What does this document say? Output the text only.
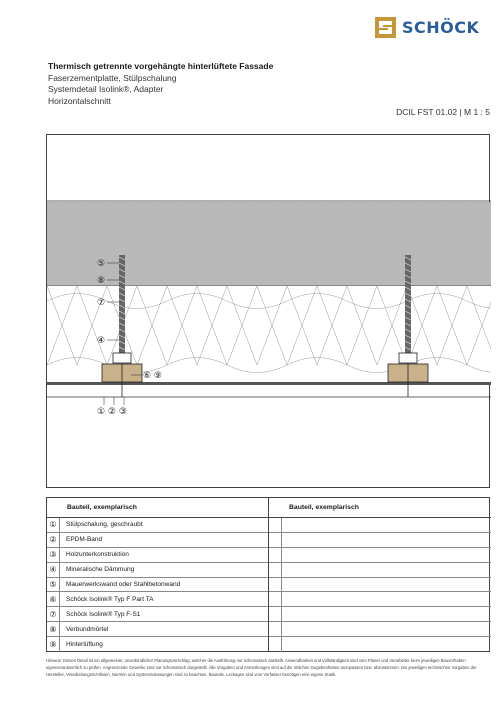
SCHÖCK
Thermisch getrennte vorgehängte hinterlüftete Fassade
Faserzementplatte, Stülpschalung
Systemdetail Isolink®, Adapter
Horizontalschnitt
DCIL FST 01.02 | M 1 : 5
⑤
⑧
⑦
④
⑥ ⑨
① ② ③
Bauteil, exemplarisch
①	Stülpschalung, geschraubt
②	EPDM-Band
③	Holzunterkonstruktion
④	Mineralische Dämmung
⑤	Mauerwerkswand oder Stahlbetonwand
⑥	Schöck Isolink® Typ F Part TA
⑦	Schöck Isolink® Typ F-S1
⑧	Verbundmörtel
⑨	Hinterlüftung
Bauteil, exemplarisch
Hinweis: Dieses Detail ist ein allgemeiner, unverbindlicher Planungsvorschlag, welcher die Ausführung nur schematisch darstellt. Anwendbarkeit und Vollständigkeit sind vom Planer und Verarbeiter beim jeweiligen Bauvorhaben eigenverantwortlich zu prüfen. Angrenzende Gewerke sind nur schematisch dargestellt. Alle Vorgaben und Anmerkungen sind auf die örtlichen Gegebenheiten anzupassen bzw. abzustimmen. Die jeweiligen technischen Vorgaben der Hersteller, Verarbeitungsrichtlinien, Normen und Systemzulassungen sind zu beachten. Bauteile, Leckagen sind vom Verfasser benötigen eine eigene Statik.
